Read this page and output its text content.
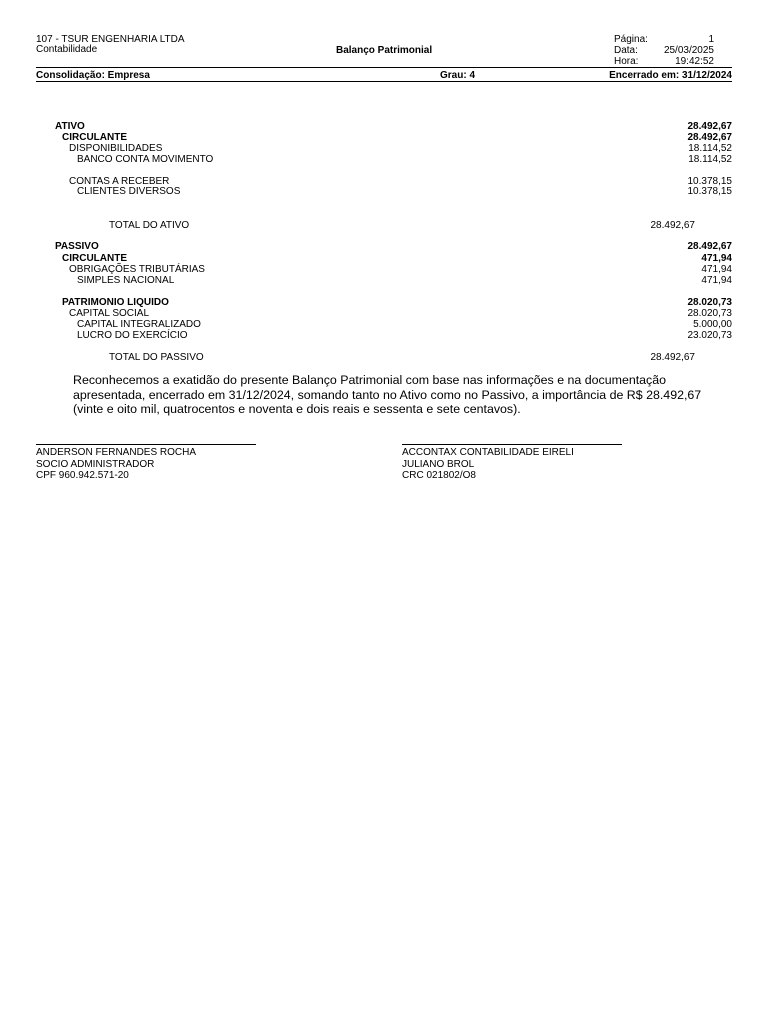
107 - TSUR ENGENHARIA LTDA
Contabilidade	Balanço Patrimonial
Página:	1
Data:	25/03/2025
Hora:	19:42:52
Consolidação: Empresa	Grau: 4	Encerrado em: 31/12/2024
ATIVO	28.492,67
CIRCULANTE	28.492,67
DISPONIBILIDADES	18.114,52
BANCO CONTA MOVIMENTO	18.114,52
CONTAS A RECEBER	10.378,15
CLIENTES DIVERSOS	10.378,15
TOTAL DO ATIVO	28.492,67
PASSIVO	28.492,67
CIRCULANTE	471,94
OBRIGAÇÕES TRIBUTÁRIAS	471,94
SIMPLES NACIONAL	471,94
PATRIMONIO LIQUIDO	28.020,73
CAPITAL SOCIAL	28.020,73
CAPITAL INTEGRALIZADO	5.000,00
LUCRO DO EXERCÍCIO	23.020,73
TOTAL DO PASSIVO	28.492,67
Reconhecemos a exatidão do presente Balanço Patrimonial com base nas informações e na documentação apresentada, encerrado em 31/12/2024, somando tanto no Ativo como no Passivo, a importância de R$ 28.492,67 (vinte e oito mil, quatrocentos e noventa e dois reais e sessenta e sete centavos).
ANDERSON FERNANDES ROCHA
SOCIO ADMINISTRADOR
CPF 960.942.571-20
ACCONTAX CONTABILIDADE EIRELI
JULIANO BROL
CRC 021802/O8
